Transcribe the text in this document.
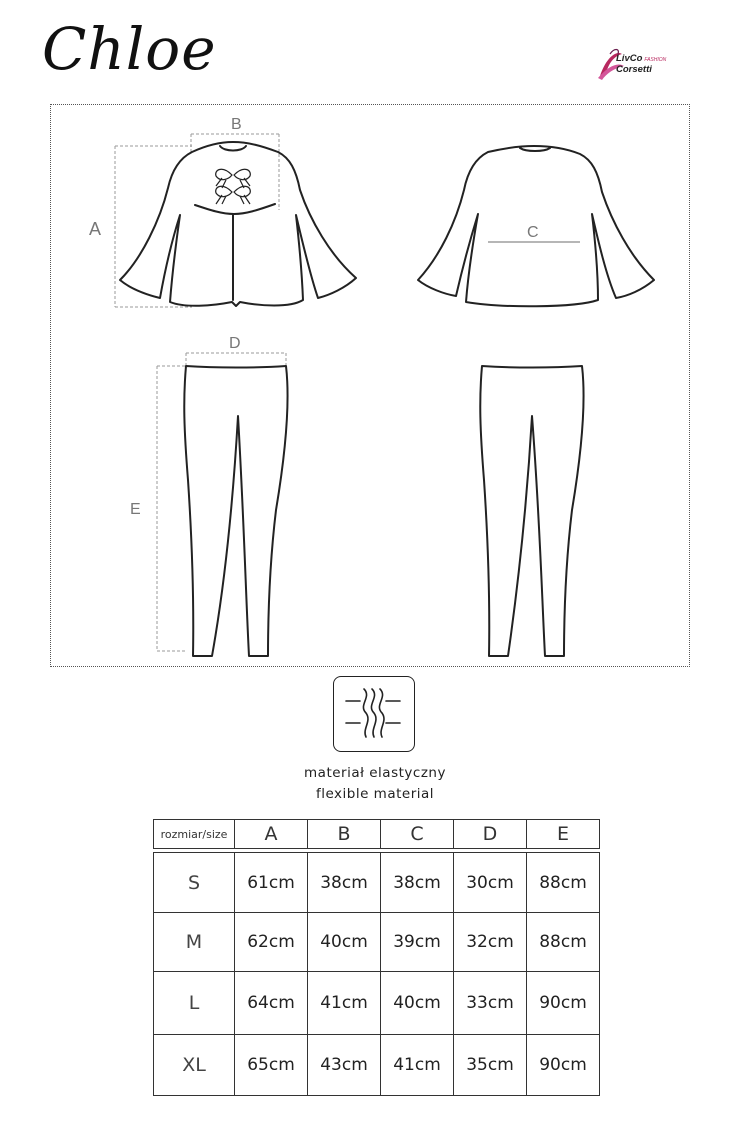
Chloe	LivCo FASHION
Corsetti
B
A	C
D
E
materiał elastyczny
flexible material
rozmiar/size	A	B	C	D	E
S	61cm	38cm	38cm	30cm	88cm
M	62cm	40cm	39cm	32cm	88cm
L	64cm	41cm	40cm	33cm	90cm
XL	65cm	43cm	41cm	35cm	90cm
